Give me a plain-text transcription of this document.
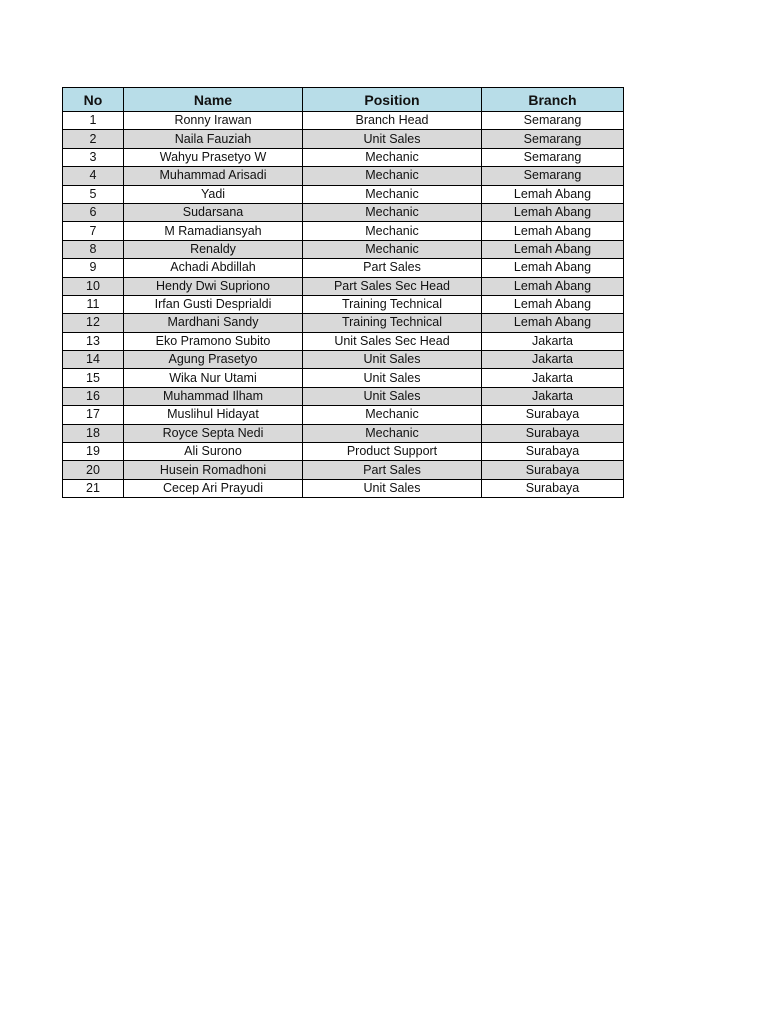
No	Name	Position	Branch
1	Ronny Irawan	Branch Head	Semarang
2	Naila Fauziah	Unit Sales	Semarang
3	Wahyu Prasetyo W	Mechanic	Semarang
4	Muhammad Arisadi	Mechanic	Semarang
5	Yadi	Mechanic	Lemah Abang
6	Sudarsana	Mechanic	Lemah Abang
7	M Ramadiansyah	Mechanic	Lemah Abang
8	Renaldy	Mechanic	Lemah Abang
9	Achadi Abdillah	Part Sales	Lemah Abang
10	Hendy Dwi Supriono	Part Sales Sec Head	Lemah Abang
11	Irfan Gusti Desprialdi	Training Technical	Lemah Abang
12	Mardhani Sandy	Training Technical	Lemah Abang
13	Eko Pramono Subito	Unit Sales Sec Head	Jakarta
14	Agung Prasetyo	Unit Sales	Jakarta
15	Wika Nur Utami	Unit Sales	Jakarta
16	Muhammad Ilham	Unit Sales	Jakarta
17	Muslihul Hidayat	Mechanic	Surabaya
18	Royce Septa Nedi	Mechanic	Surabaya
19	Ali Surono	Product Support	Surabaya
20	Husein Romadhoni	Part Sales	Surabaya
21	Cecep Ari Prayudi	Unit Sales	Surabaya
